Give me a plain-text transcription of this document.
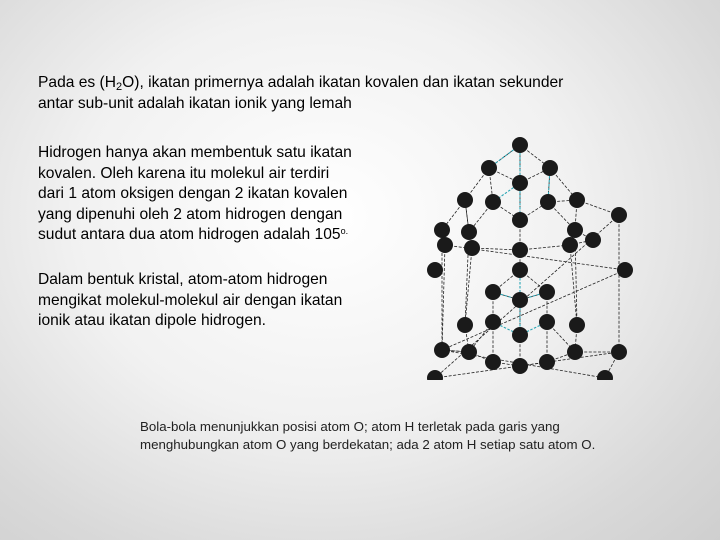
Pada es $(H_2O)$, ikatan primernya adalah ikatan kovalen dan ikatan sekunder
antar sub-unit adalah ikatan ionik yang lemah

Hidrogen hanya akan membentuk satu ikatan
kovalen. Oleh karena itu molekul air terdiri
dari 1 atom oksigen dengan 2 ikatan kovalen
yang dipenuhi oleh 2 atom hidrogen dengan
sudut antara dua atom hidrogen adalah $105^{o.}$

Dalam bentuk kristal, atom-atom hidrogen
mengikat molekul-molekul air dengan ikatan
ionik atau ikatan dipole hidrogen.

Bola-bola menunjukkan posisi atom O; atom H terletak pada garis yang
menghubungkan atom O yang berdekatan; ada 2 atom H setiap satu atom O.
